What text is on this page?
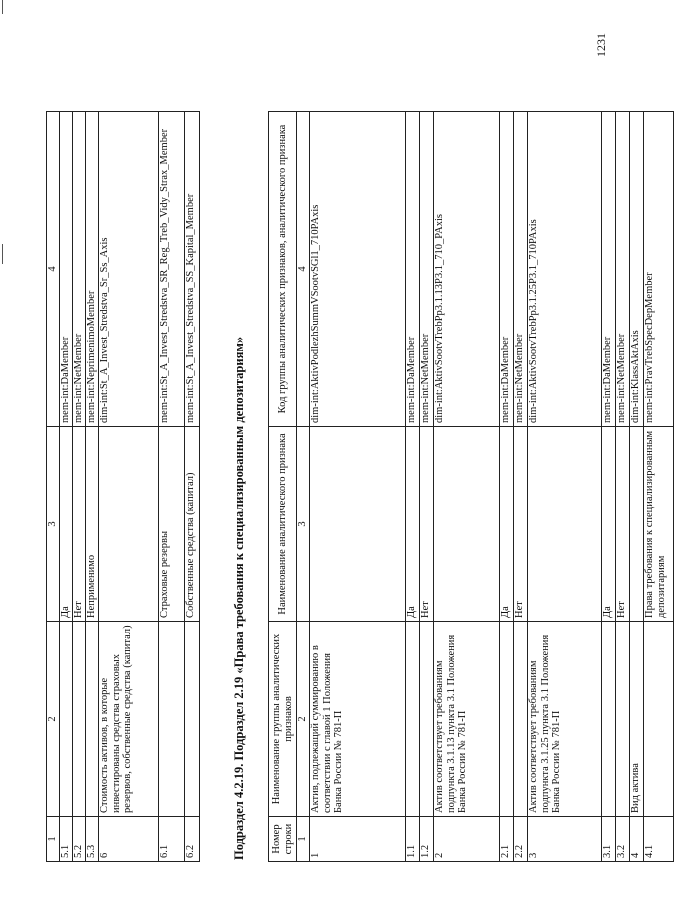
1	2	3	4
5.1		Да	mem-int:DaMember
5.2		Нет	mem-int:NetMember
5.3		Неприменимо	mem-int:NeprimenimoMember
6	Стоимость активов, в которые инвестированы средства страховых резервов, собственные средства (капитал)		dim-int:St_A_Invest_Stredstva_Sr_Ss_Axis
6.1		Страховые резервы	mem-int:St_A_Invest_Stredstva_SR_Reg_Treb_Vidy_Strax_Member
6.2		Собственные средства (капитал)	mem-int:St_A_Invest_Stredstva_SS_Kapital_Member
Подраздел 4.2.19. Подраздел 2.19 «Права требования к специализированным депозитариям» Номер строки	Наименование группы аналитических признаков	Наименование аналитического признака	Код группы аналитических признаков, аналитического признака
1	2	3	4
1	Актив, подлежащий суммированию в соответствии с главой 1 Положения Банка России № 781-П		dim-int:AktivPodlezhSummVSootvSGl1_710PAxis
1.1		Да	mem-int:DaMember
1.2		Нет	mem-int:NetMember
2	Актив соответствует требованиям подпункта 3.1.13 пункта 3.1 Положения Банка России № 781-П		dim-int:AktivSootvTrebPp3.1.13P3.1_710_PAxis
2.1		Да	mem-int:DaMember
2.2		Нет	mem-int:NetMember
3	Актив соответствует требованиям подпункта 3.1.25 пункта 3.1 Положения Банка России № 781-П		dim-int:AktivSootvTrebPp3.1.25P3.1_710PAxis
3.1		Да	mem-int:DaMember
3.2		Нет	mem-int:NetMember
4	Вид актива		dim-int:KlassAktAxis
4.1		Права требования к специализированным депозитариям	mem-int:PravTrebSpecDepMember
1231
